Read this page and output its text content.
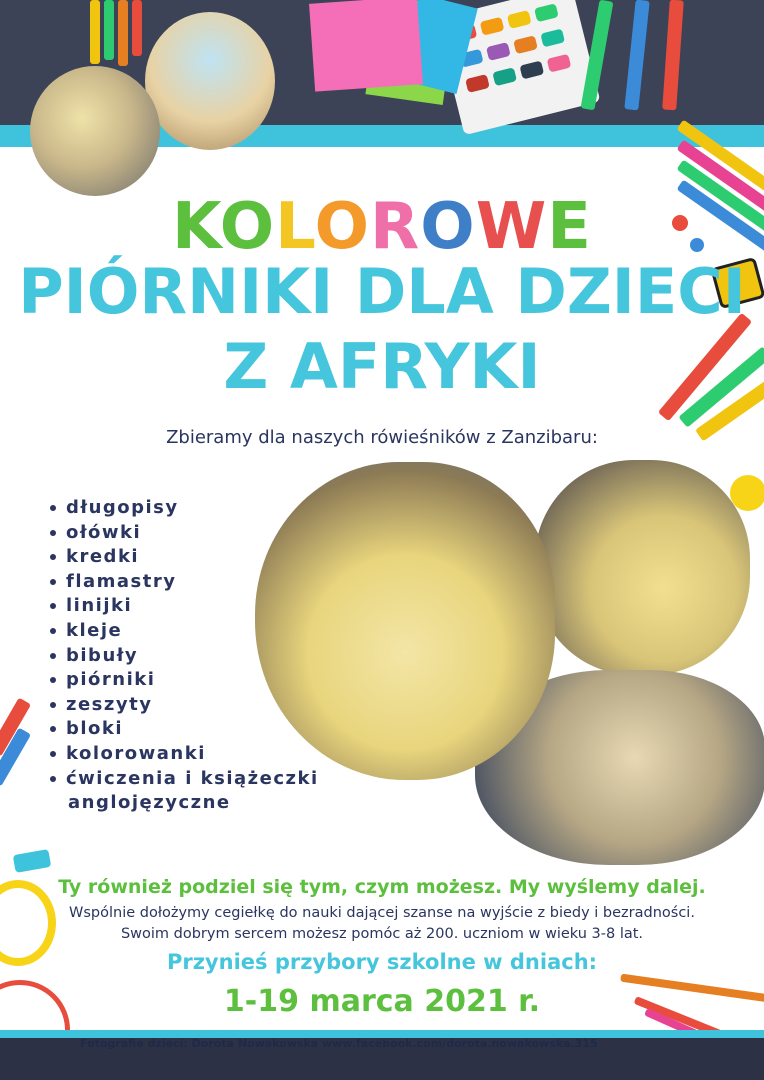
KOLOROWE
PIÓRNIKI DLA DZIECI
Z AFRYKI
Zbieramy dla naszych rówieśników z Zanzibaru:
długopisy
ołówki
kredki
flamastry
linijki
kleje
bibuły
piórniki
zeszyty
bloki
kolorowanki
ćwiczenia i książeczki
anglojęzyczne
Ty również podziel się tym, czym możesz. My wyślemy dalej.
Wspólnie dołożymy cegiełkę do nauki dającej szanse na wyjście z biedy i bezradności.
Swoim dobrym sercem możesz pomóc aż 200. uczniom w wieku 3-8 lat.
Przynieś przybory szkolne w dniach:
1-19 marca 2021 r.
Fotografie dzieci: Dorota Nowakowska www.facebook.com/dorota.nowakowska.315
